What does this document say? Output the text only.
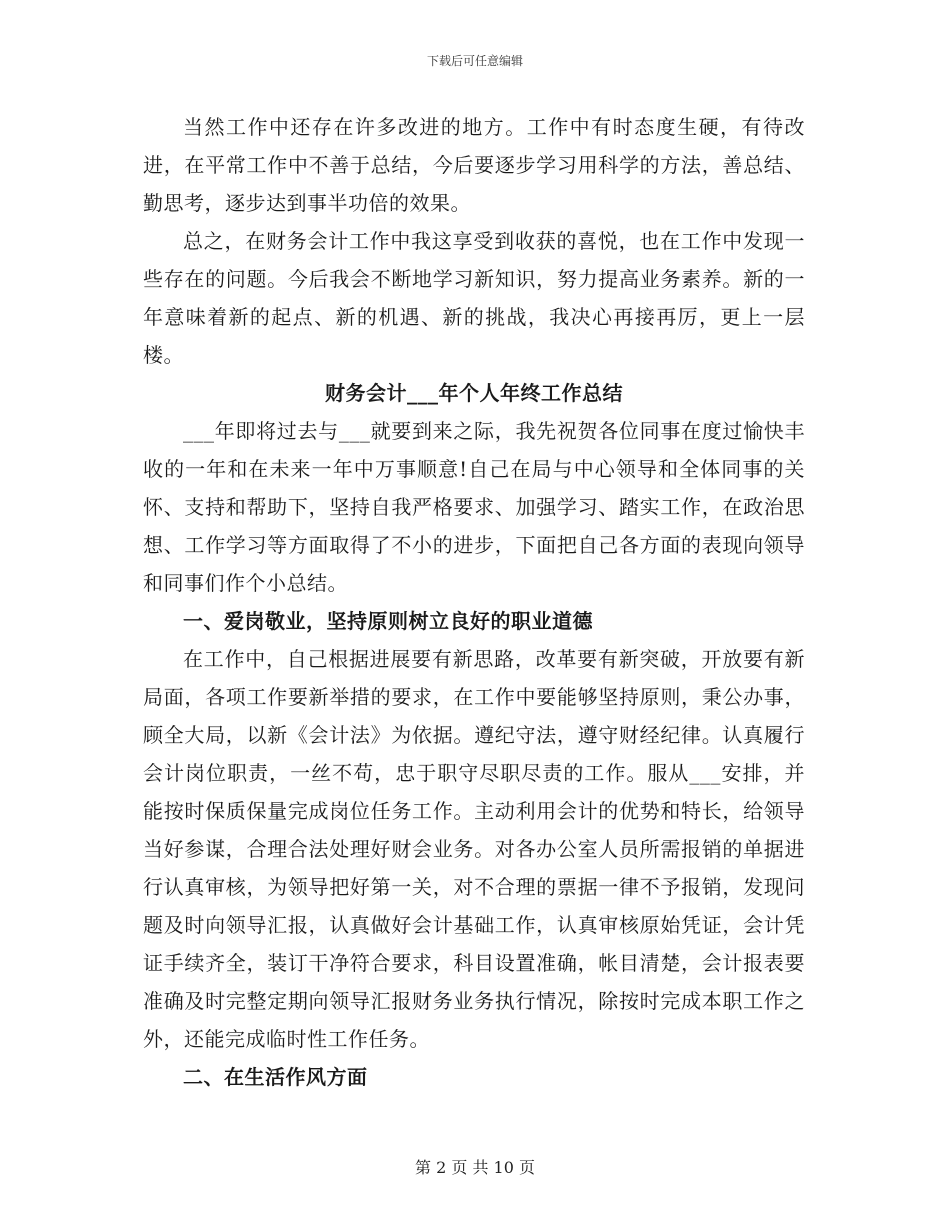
下载后可任意编辑

当然工作中还存在许多改进的地方。工作中有时态度生硬，有待改进，在平常工作中不善于总结，今后要逐步学习用科学的方法，善总结、勤思考，逐步达到事半功倍的效果。

总之，在财务会计工作中我这享受到收获的喜悦，也在工作中发现一些存在的问题。今后我会不断地学习新知识，努力提高业务素养。新的一年意味着新的起点、新的机遇、新的挑战，我决心再接再厉，更上一层楼。

财务会计___年个人年终工作总结

___年即将过去与___就要到来之际，我先祝贺各位同事在度过愉快丰收的一年和在未来一年中万事顺意!自己在局与中心领导和全体同事的关怀、支持和帮助下，坚持自我严格要求、加强学习、踏实工作，在政治思想、工作学习等方面取得了不小的进步，下面把自己各方面的表现向领导和同事们作个小总结。

一、爱岗敬业，坚持原则树立良好的职业道德

在工作中，自己根据进展要有新思路，改革要有新突破，开放要有新局面，各项工作要新举措的要求，在工作中要能够坚持原则，秉公办事，顾全大局，以新《会计法》为依据。遵纪守法，遵守财经纪律。认真履行会计岗位职责，一丝不苟，忠于职守尽职尽责的工作。服从___安排，并能按时保质保量完成岗位任务工作。主动利用会计的优势和特长，给领导当好参谋，合理合法处理好财会业务。对各办公室人员所需报销的单据进行认真审核，为领导把好第一关，对不合理的票据一律不予报销，发现问题及时向领导汇报，认真做好会计基础工作，认真审核原始凭证，会计凭证手续齐全，装订干净符合要求，科目设置准确，帐目清楚，会计报表要准确及时完整定期向领导汇报财务业务执行情况，除按时完成本职工作之外，还能完成临时性工作任务。

二、在生活作风方面

第 2 页 共 10 页
